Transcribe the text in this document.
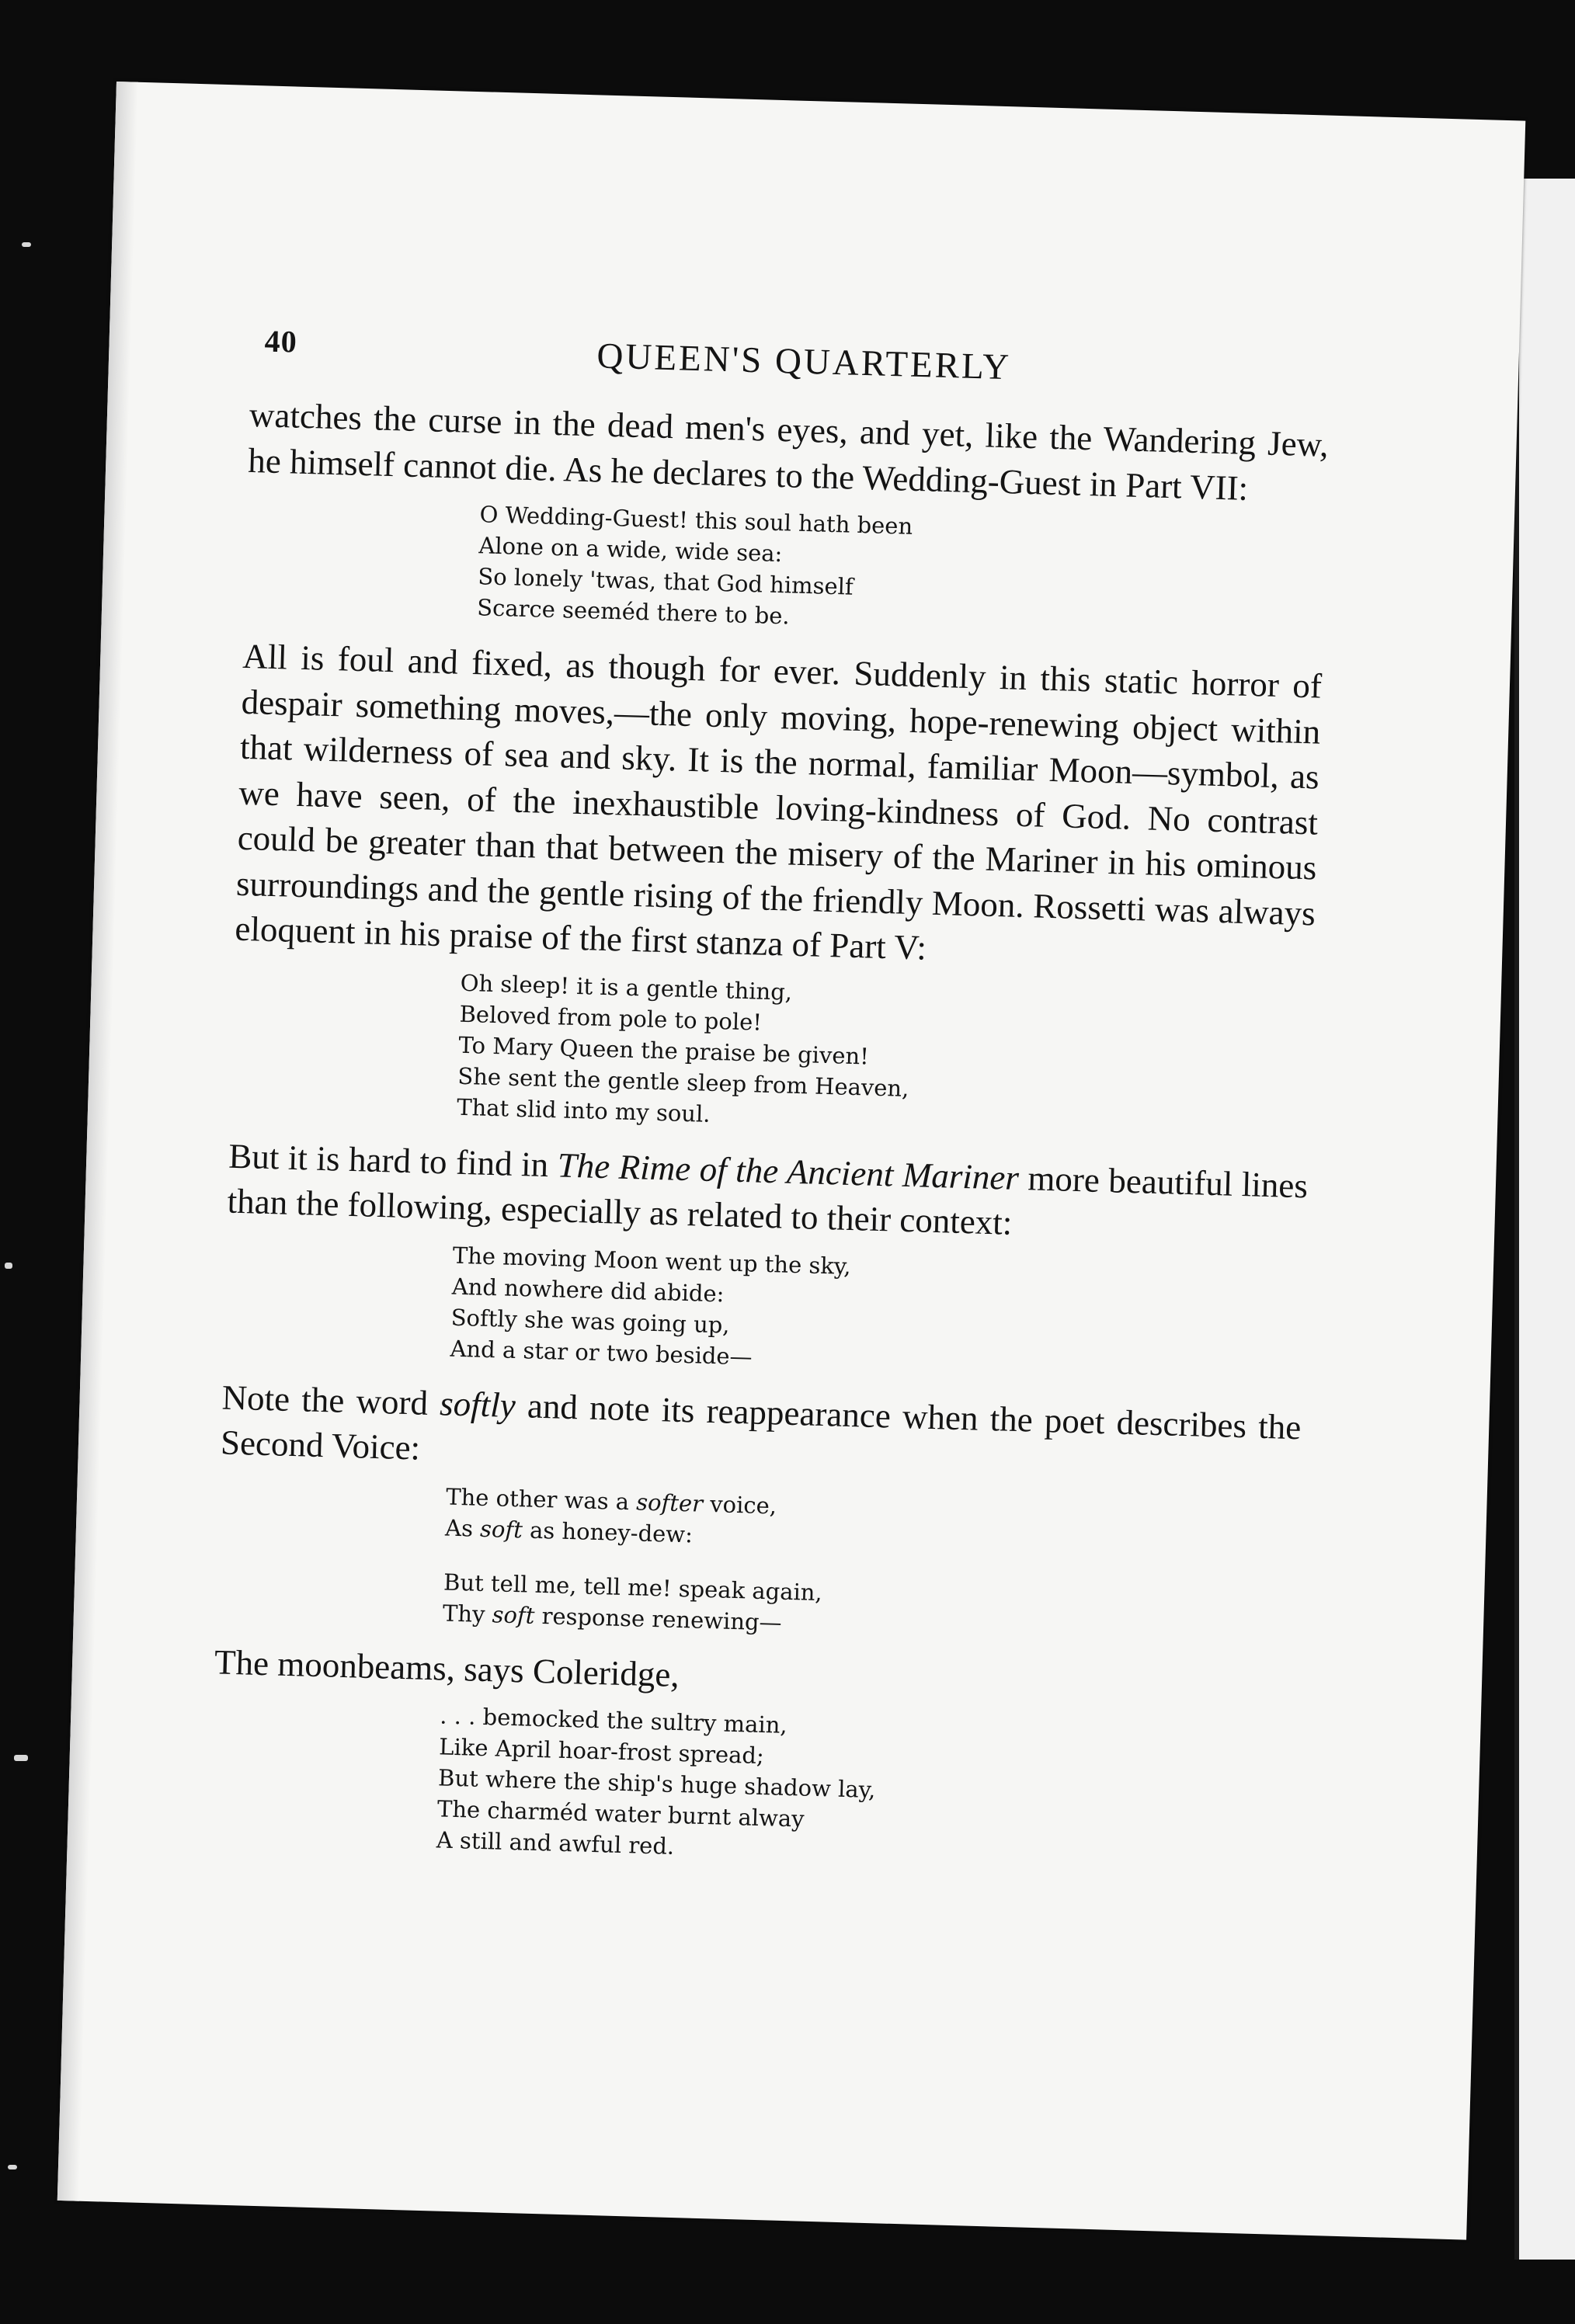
40	QUEEN'S QUARTERLY

watches the curse in the dead men's eyes, and yet, like the Wandering Jew, he himself cannot die. As he declares to the Wedding-Guest in Part VII:

O Wedding-Guest! this soul hath been
Alone on a wide, wide sea:
So lonely 'twas, that God himself
Scarce seeméd there to be.

All is foul and fixed, as though for ever. Suddenly in this static horror of despair something moves,—the only moving, hope-renewing object within that wilderness of sea and sky. It is the normal, familiar Moon—symbol, as we have seen, of the inexhaustible loving-kindness of God. No contrast could be greater than that between the misery of the Mariner in his ominous surroundings and the gentle rising of the friendly Moon. Rossetti was always eloquent in his praise of the first stanza of Part V:

Oh sleep! it is a gentle thing,
Beloved from pole to pole!
To Mary Queen the praise be given!
She sent the gentle sleep from Heaven,
That slid into my soul.

But it is hard to find in The Rime of the Ancient Mariner more beautiful lines than the following, especially as related to their context:

The moving Moon went up the sky,
And nowhere did abide:
Softly she was going up,
And a star or two beside—

Note the word softly and note its reappearance when the poet describes the Second Voice:

The other was a softer voice,
As soft as honey-dew:
But tell me, tell me! speak again,
Thy soft response renewing—

The moonbeams, says Coleridge,

. . . bemocked the sultry main,
Like April hoar-frost spread;
But where the ship's huge shadow lay,
The charméd water burnt alway
A still and awful red.
